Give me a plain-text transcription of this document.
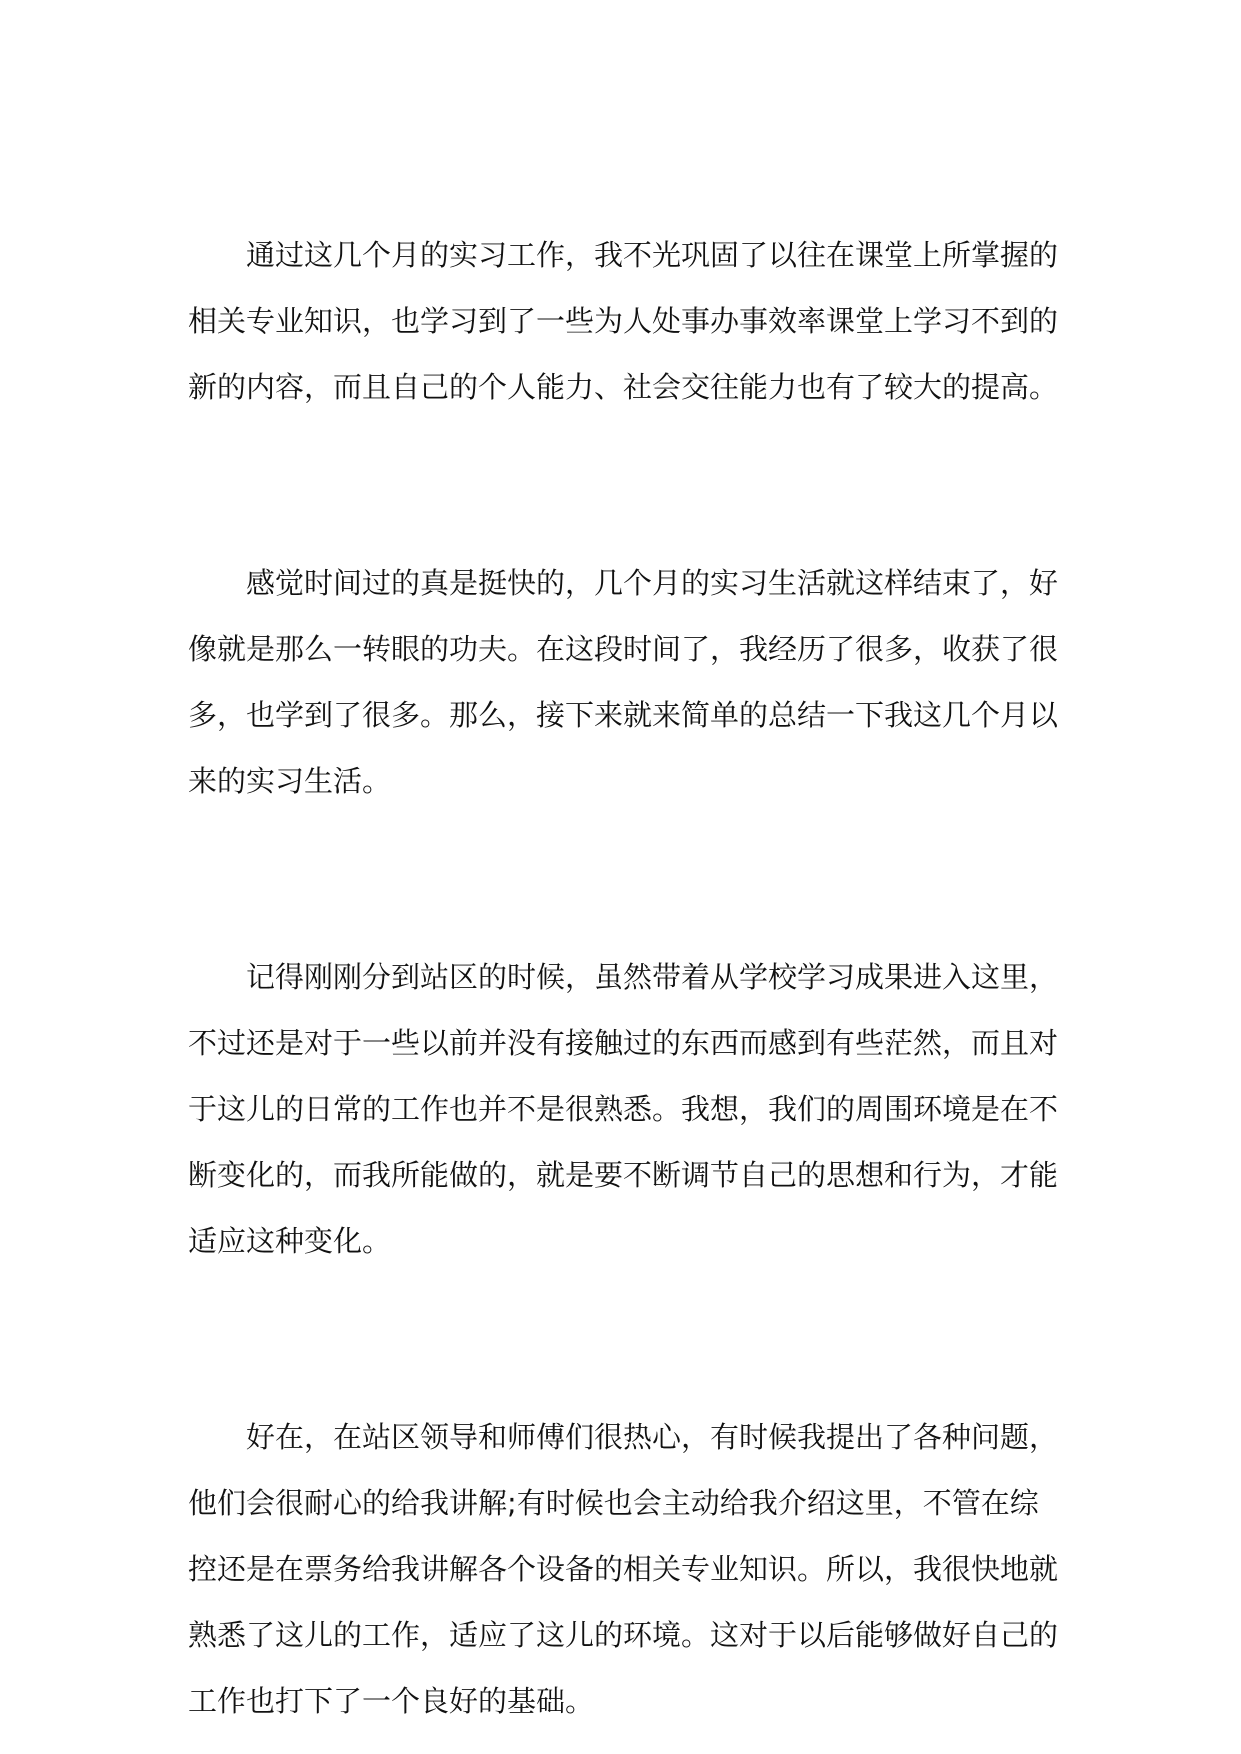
通过这几个月的实习工作，我不光巩固了以往在课堂上所掌握的
相关专业知识，也学习到了一些为人处事办事效率课堂上学习不到的
新的内容，而且自己的个人能力、社会交往能力也有了较大的提高。
感觉时间过的真是挺快的，几个月的实习生活就这样结束了，好
像就是那么一转眼的功夫。在这段时间了，我经历了很多，收获了很
多，也学到了很多。那么，接下来就来简单的总结一下我这几个月以
来的实习生活。
记得刚刚分到站区的时候，虽然带着从学校学习成果进入这里，
不过还是对于一些以前并没有接触过的东西而感到有些茫然，而且对
于这儿的日常的工作也并不是很熟悉。我想，我们的周围环境是在不
断变化的，而我所能做的，就是要不断调节自己的思想和行为，才能
适应这种变化。
好在，在站区领导和师傅们很热心，有时候我提出了各种问题，
他们会很耐心的给我讲解;有时候也会主动给我介绍这里，不管在综
控还是在票务给我讲解各个设备的相关专业知识。所以，我很快地就
熟悉了这儿的工作，适应了这儿的环境。这对于以后能够做好自己的
工作也打下了一个良好的基础。
